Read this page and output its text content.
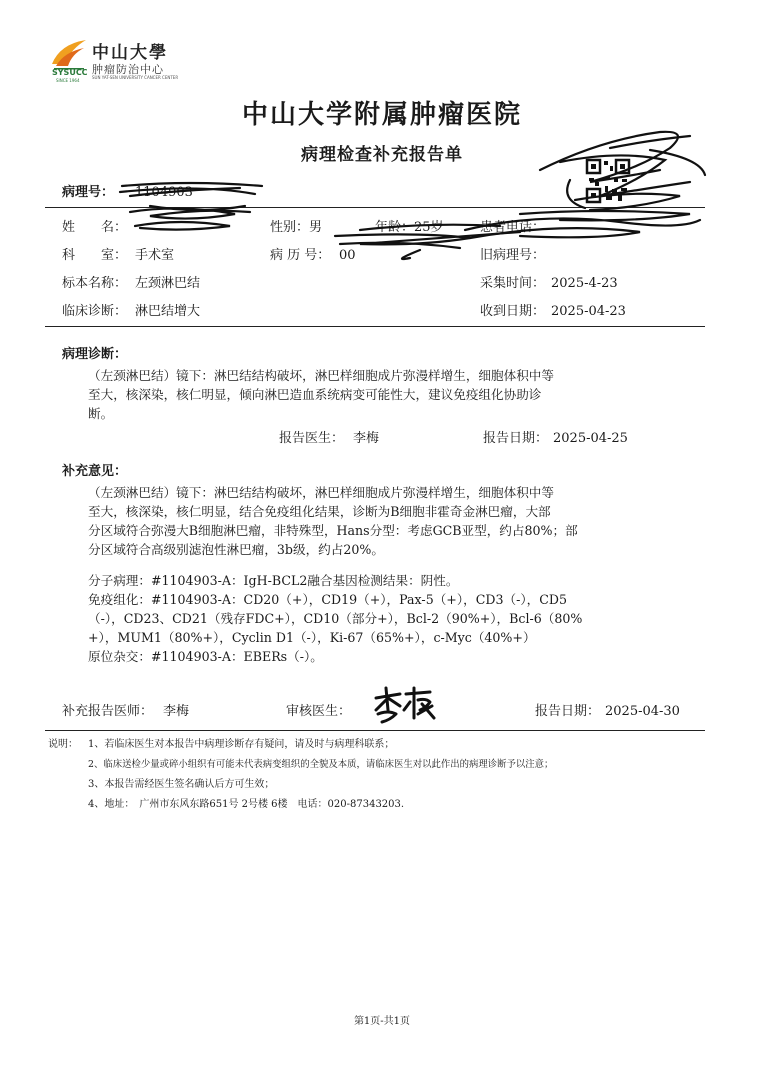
中山大學
肿瘤防治中心
SUN YAT-SEN UNIVERSITY CANCER CENTER
SYSUCC
SINCE 1964
中山大学附属肿瘤医院
病理检查补充报告单
病理号： 1104903
姓　　名：	性别： 男	年龄： 25岁	患者电话：
科　　室： 手术室	病 历 号： 00	旧病理号：
标本名称： 左颈淋巴结	采集时间： 2025-4-23
临床诊断： 淋巴结增大	收到日期： 2025-04-23
病理诊断：
（左颈淋巴结）镜下：淋巴结结构破坏，淋巴样细胞成片弥漫样增生，细胞体积中等
至大，核深染，核仁明显，倾向淋巴造血系统病变可能性大，建议免疫组化协助诊
断。
报告医生： 李梅	报告日期： 2025-04-25
补充意见：
（左颈淋巴结）镜下：淋巴结结构破坏，淋巴样细胞成片弥漫样增生，细胞体积中等
至大，核深染，核仁明显，结合免疫组化结果，诊断为B细胞非霍奇金淋巴瘤，大部
分区域符合弥漫大B细胞淋巴瘤，非特殊型，Hans分型：考虑GCB亚型，约占80%；部
分区域符合高级别滤泡性淋巴瘤，3b级，约占20%。
分子病理：#1104903-A：IgH-BCL2融合基因检测结果：阴性。
免疫组化：#1104903-A：CD20（+），CD19（+），Pax-5（+），CD3（-），CD5
（-），CD23、CD21（残存FDC+），CD10（部分+），Bcl-2（90%+），Bcl-6（80%
+），MUM1（80%+），Cyclin D1（-），Ki-67（65%+），c-Myc（40%+）
原位杂交：#1104903-A：EBERs（-）。
补充报告医师： 李梅	审核医生：	报告日期： 2025-04-30
说明： 1、若临床医生对本报告中病理诊断存有疑问，请及时与病理科联系；
2、临床送检少量或碎小组织有可能未代表病变组织的全貌及本质，请临床医生对以此作出的病理诊断予以注意；
3、本报告需经医生签名确认后方可生效；
4、地址：　广州市东风东路651号 2号楼 6楼　电话：020-87343203.
第1页-共1页
